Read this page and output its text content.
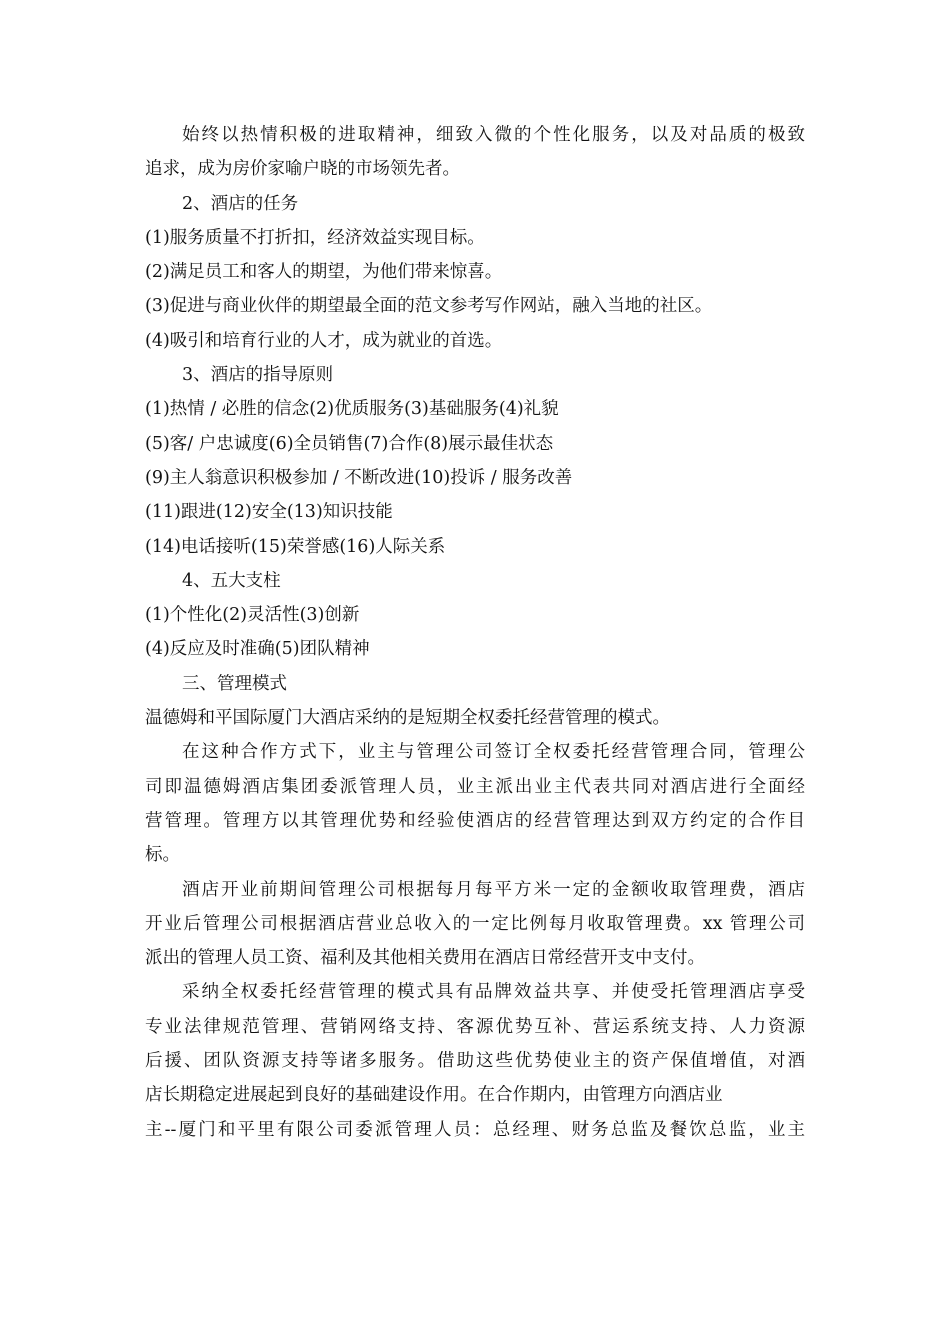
始终以热情积极的进取精神，细致入微的个性化服务，以及对品质的极致
追求，成为房价家喻户晓的市场领先者。
2、酒店的任务
(1)服务质量不打折扣，经济效益实现目标。
(2)满足员工和客人的期望，为他们带来惊喜。
(3)促进与商业伙伴的期望最全面的范文参考写作网站，融入当地的社区。
(4)吸引和培育行业的人才，成为就业的首选。
3、酒店的指导原则
(1)热情 / 必胜的信念(2)优质服务(3)基础服务(4)礼貌
(5)客/ 户忠诚度(6)全员销售(7)合作(8)展示最佳状态
(9)主人翁意识积极参加 / 不断改进(10)投诉 / 服务改善
(11)跟进(12)安全(13)知识技能
(14)电话接听(15)荣誉感(16)人际关系
4、五大支柱
(1)个性化(2)灵活性(3)创新
(4)反应及时准确(5)团队精神
三、管理模式
温德姆和平国际厦门大酒店采纳的是短期全权委托经营管理的模式。
在这种合作方式下，业主与管理公司签订全权委托经营管理合同，管理公
司即温德姆酒店集团委派管理人员，业主派出业主代表共同对酒店进行全面经
营管理。管理方以其管理优势和经验使酒店的经营管理达到双方约定的合作目
标。
酒店开业前期间管理公司根据每月每平方米一定的金额收取管理费，酒店
开业后管理公司根据酒店营业总收入的一定比例每月收取管理费。xx 管理公司
派出的管理人员工资、福利及其他相关费用在酒店日常经营开支中支付。
采纳全权委托经营管理的模式具有品牌效益共享、并使受托管理酒店享受
专业法律规范管理、营销网络支持、客源优势互补、营运系统支持、人力资源
后援、团队资源支持等诸多服务。借助这些优势使业主的资产保值增值，对酒
店长期稳定进展起到良好的基础建设作用。在合作期内，由管理方向酒店业
主--厦门和平里有限公司委派管理人员：总经理、财务总监及餐饮总监，业主
